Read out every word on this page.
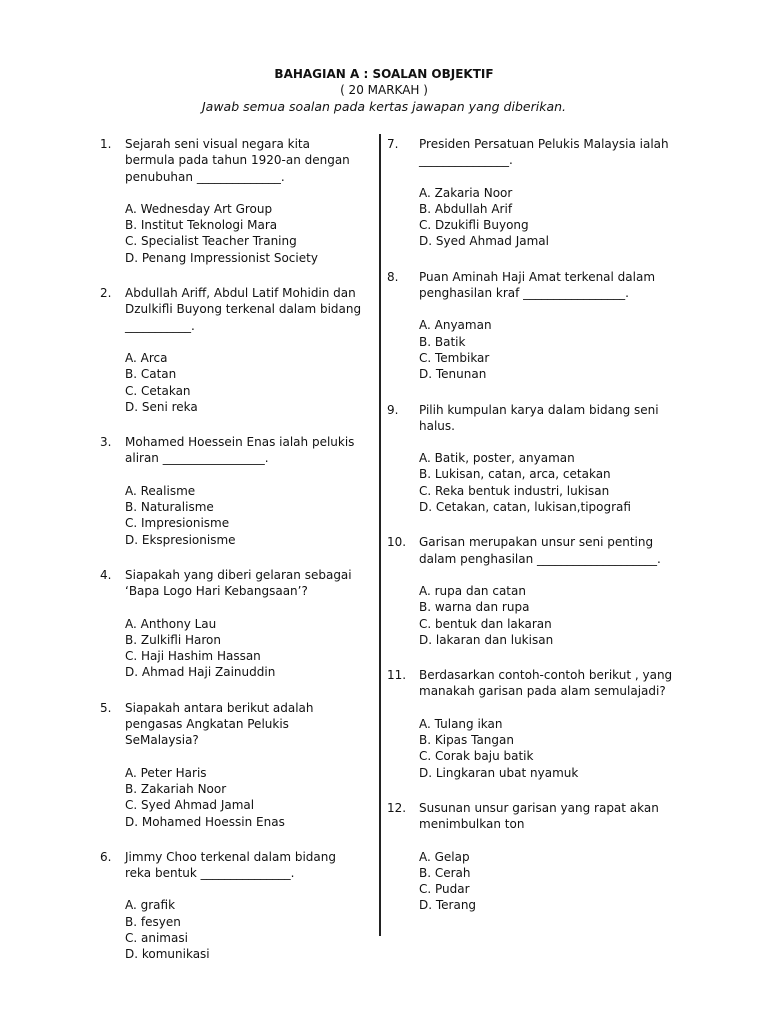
BAHAGIAN A : SOALAN OBJEKTIF
( 20 MARKAH )
Jawab semua soalan pada kertas jawapan yang diberikan.
1. Sejarah seni visual negara kita bermula pada tahun 1920-an dengan penubuhan ______________.
A. Wednesday Art Group
B. Institut Teknologi Mara
C. Specialist Teacher Traning
D. Penang Impressionist Society
2. Abdullah Ariff, Abdul Latif Mohidin dan Dzulkifli Buyong terkenal dalam bidang ___________.
A. Arca
B. Catan
C. Cetakan
D. Seni reka
3. Mohamed Hoessein Enas ialah pelukis aliran _________________.
A. Realisme
B. Naturalisme
C. Impresionisme
D. Ekspresionisme
4. Siapakah yang diberi gelaran sebagai ‘Bapa Logo Hari Kebangsaan’?
A. Anthony Lau
B. Zulkifli Haron
C. Haji Hashim Hassan
D. Ahmad Haji Zainuddin
5. Siapakah antara berikut adalah pengasas Angkatan Pelukis SeMalaysia?
A. Peter Haris
B. Zakariah Noor
C. Syed Ahmad Jamal
D. Mohamed Hoessin Enas
6. Jimmy Choo terkenal dalam bidang reka bentuk _______________.
A. grafik
B. fesyen
C. animasi
D. komunikasi
7. Presiden Persatuan Pelukis Malaysia ialah _______________.
A. Zakaria Noor
B. Abdullah Arif
C. Dzukifli Buyong
D. Syed Ahmad Jamal
8. Puan Aminah Haji Amat terkenal dalam penghasilan kraf _________________.
A. Anyaman
B. Batik
C. Tembikar
D. Tenunan
9. Pilih kumpulan karya dalam bidang seni halus.
A. Batik, poster, anyaman
B. Lukisan, catan, arca, cetakan
C. Reka bentuk industri, lukisan
D. Cetakan, catan, lukisan,tipografi
10. Garisan merupakan unsur seni penting dalam penghasilan ____________________.
A. rupa dan catan
B. warna dan rupa
C. bentuk dan lakaran
D. lakaran dan lukisan
11. Berdasarkan contoh-contoh berikut , yang manakah garisan pada alam semulajadi?
A. Tulang ikan
B. Kipas Tangan
C. Corak baju batik
D. Lingkaran ubat nyamuk
12. Susunan unsur garisan yang rapat akan menimbulkan ton
A. Gelap
B. Cerah
C. Pudar
D. Terang
